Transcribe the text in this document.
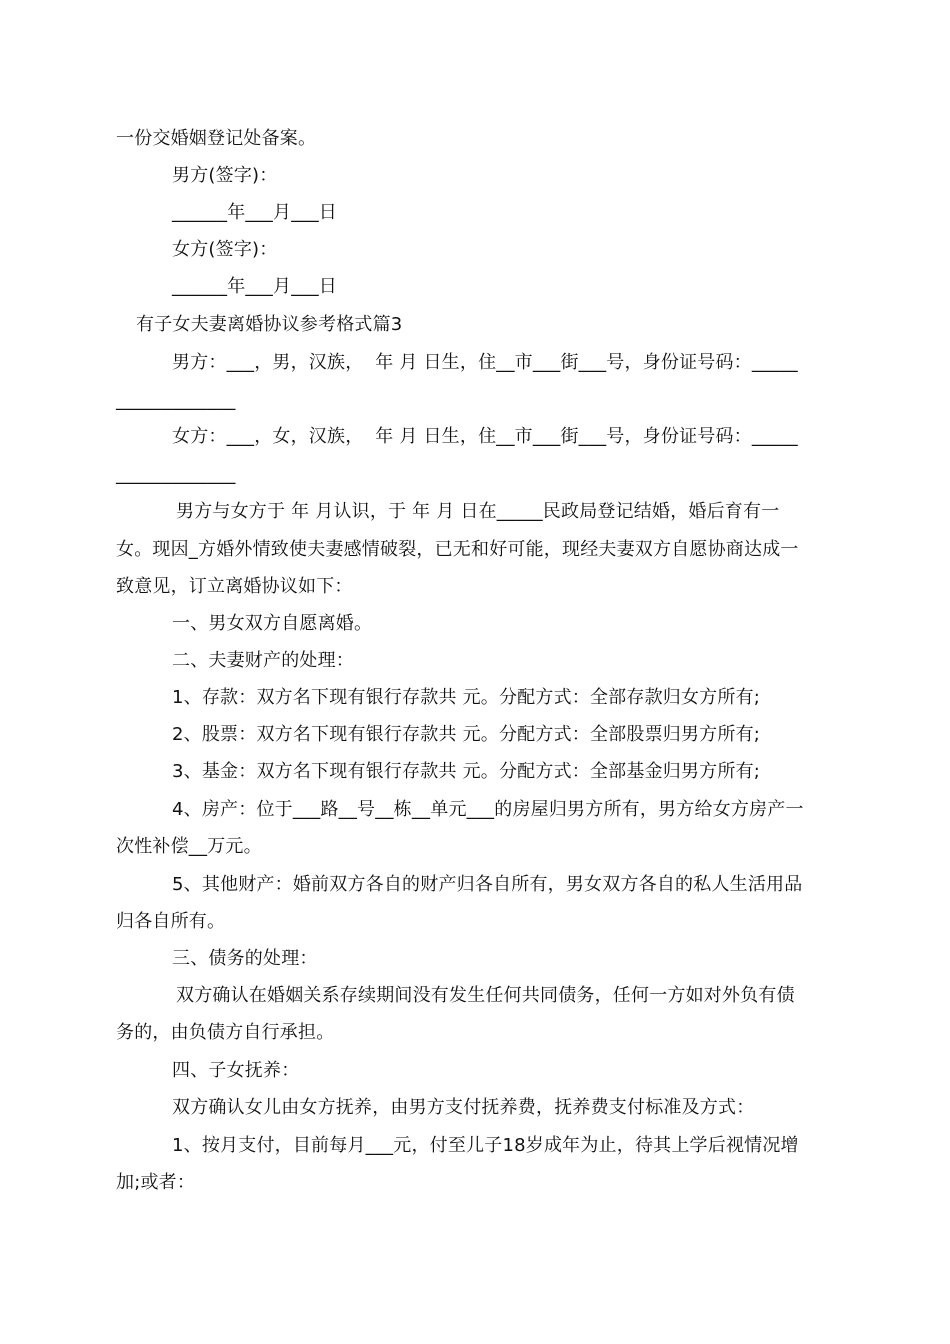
一份交婚姻登记处备案。
男方(签字)：
______年___月___日
女方(签字)：
______年___月___日
有子女夫妻离婚协议参考格式篇3
男方：___，男，汉族，  年 月 日生，住__市___街___号，身份证号码：_____
_____________
女方：___，女，汉族，  年 月 日生，住__市___街___号，身份证号码：_____
_____________
男方与女方于 年 月认识，于 年 月 日在_____民政局登记结婚，婚后育有一
女。现因_方婚外情致使夫妻感情破裂，已无和好可能，现经夫妻双方自愿协商达成一
致意见，订立离婚协议如下：
一、男女双方自愿离婚。
二、夫妻财产的处理：
1、存款：双方名下现有银行存款共 元。分配方式：全部存款归女方所有;
2、股票：双方名下现有银行存款共 元。分配方式：全部股票归男方所有;
3、基金：双方名下现有银行存款共 元。分配方式：全部基金归男方所有;
4、房产：位于___路__号__栋__单元___的房屋归男方所有，男方给女方房产一
次性补偿__万元。
5、其他财产：婚前双方各自的财产归各自所有，男女双方各自的私人生活用品
归各自所有。
三、债务的处理：
双方确认在婚姻关系存续期间没有发生任何共同债务，任何一方如对外负有债
务的，由负债方自行承担。
四、子女抚养：
双方确认女儿由女方抚养，由男方支付抚养费，抚养费支付标准及方式：
1、按月支付，目前每月___元，付至儿子18岁成年为止，待其上学后视情况增
加;或者：
